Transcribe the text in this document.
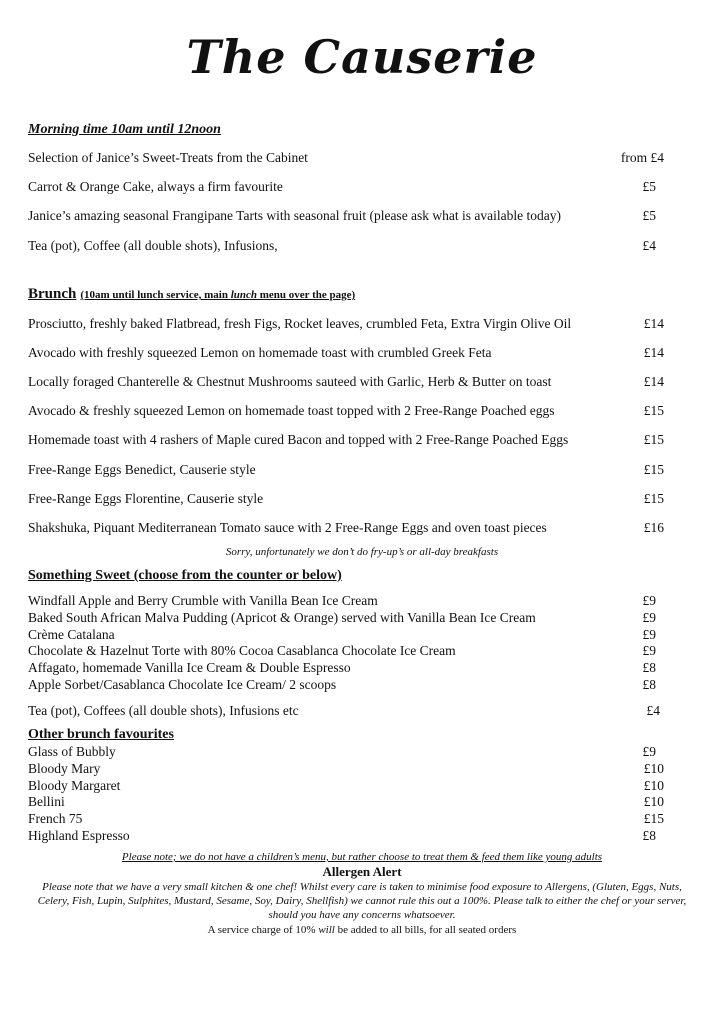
The Causerie
Morning time 10am until 12noon
Selection of Janice’s Sweet-Treats from the Cabinet	from £4
Carrot & Orange Cake, always a firm favourite	£5
Janice’s amazing seasonal Frangipane Tarts with seasonal fruit (please ask what is available today)	£5
Tea (pot), Coffee (all double shots), Infusions,	£4
Brunch (10am until lunch service, main lunch menu over the page)
Prosciutto, freshly baked Flatbread, fresh Figs, Rocket leaves, crumbled Feta, Extra Virgin Olive Oil	£14
Avocado with freshly squeezed Lemon on homemade toast with crumbled Greek Feta	£14
Locally foraged Chanterelle & Chestnut Mushrooms sauteed with Garlic, Herb & Butter on toast	£14
Avocado & freshly squeezed Lemon on homemade toast topped with 2 Free-Range Poached eggs	£15
Homemade toast with 4 rashers of Maple cured Bacon and topped with 2 Free-Range Poached Eggs	£15
Free-Range Eggs Benedict, Causerie style	£15
Free-Range Eggs Florentine, Causerie style	£15
Shakshuka, Piquant Mediterranean Tomato sauce with 2 Free-Range Eggs and oven toast pieces	£16
Sorry, unfortunately we don’t do fry-up’s or all-day breakfasts
Something Sweet (choose from the counter or below)
Windfall Apple and Berry Crumble with Vanilla Bean Ice Cream	£9
Baked South African Malva Pudding (Apricot & Orange) served with Vanilla Bean Ice Cream	£9
Crème Catalana	£9
Chocolate & Hazelnut Torte with 80% Cocoa Casablanca Chocolate Ice Cream	£9
Affagato, homemade Vanilla Ice Cream & Double Espresso	£8
Apple Sorbet/Casablanca Chocolate Ice Cream/ 2 scoops	£8
Tea (pot), Coffees (all double shots), Infusions etc	£4
Other brunch favourites
Glass of Bubbly	£9
Bloody Mary	£10
Bloody Margaret	£10
Bellini	£10
French 75	£15
Highland Espresso	£8
Please note; we do not have a children’s menu, but rather choose to treat them & feed them like young adults
Allergen Alert
Please note that we have a very small kitchen & one chef! Whilst every care is taken to minimise food exposure to Allergens, (Gluten, Eggs, Nuts, Celery, Fish, Lupin, Sulphites, Mustard, Sesame, Soy, Dairy, Shellfish) we cannot rule this out a 100%. Please talk to either the chef or your server, should you have any concerns whatsoever.
A service charge of 10% will be added to all bills, for all seated orders
